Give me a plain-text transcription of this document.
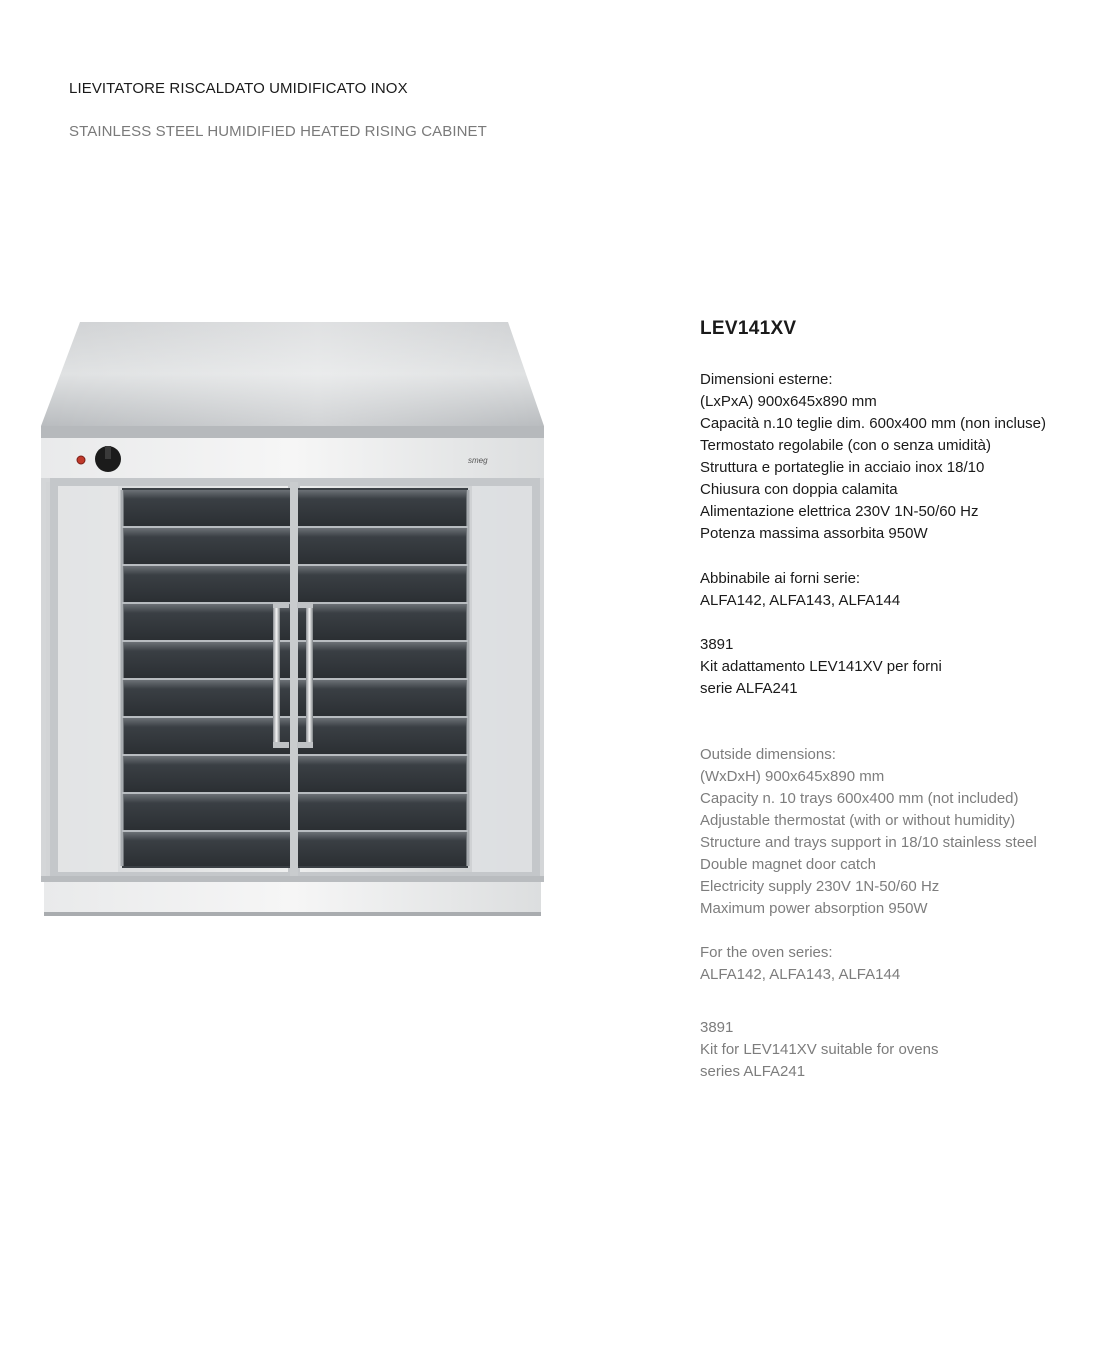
LIEVITATORE RISCALDATO UMIDIFICATO INOX
STAINLESS STEEL HUMIDIFIED HEATED RISING CABINET
smeg
LEV141XV
Dimensioni esterne:
(LxPxA) 900x645x890 mm
Capacità n.10 teglie dim. 600x400 mm (non incluse)
Termostato regolabile (con o senza umidità)
Struttura e portateglie in acciaio inox 18/10
Chiusura con doppia calamita
Alimentazione elettrica 230V 1N-50/60 Hz
Potenza massima assorbita 950W
Abbinabile ai forni serie:
ALFA142, ALFA143, ALFA144
3891
Kit adattamento LEV141XV per forni
serie ALFA241
Outside dimensions:
(WxDxH) 900x645x890 mm
Capacity n. 10 trays 600x400 mm (not included)
Adjustable thermostat (with or without humidity)
Structure and trays support in 18/10 stainless steel
Double magnet door catch
Electricity supply 230V 1N-50/60 Hz
Maximum power absorption 950W
For the oven series:
ALFA142, ALFA143, ALFA144
3891
Kit for LEV141XV suitable for ovens
series ALFA241
